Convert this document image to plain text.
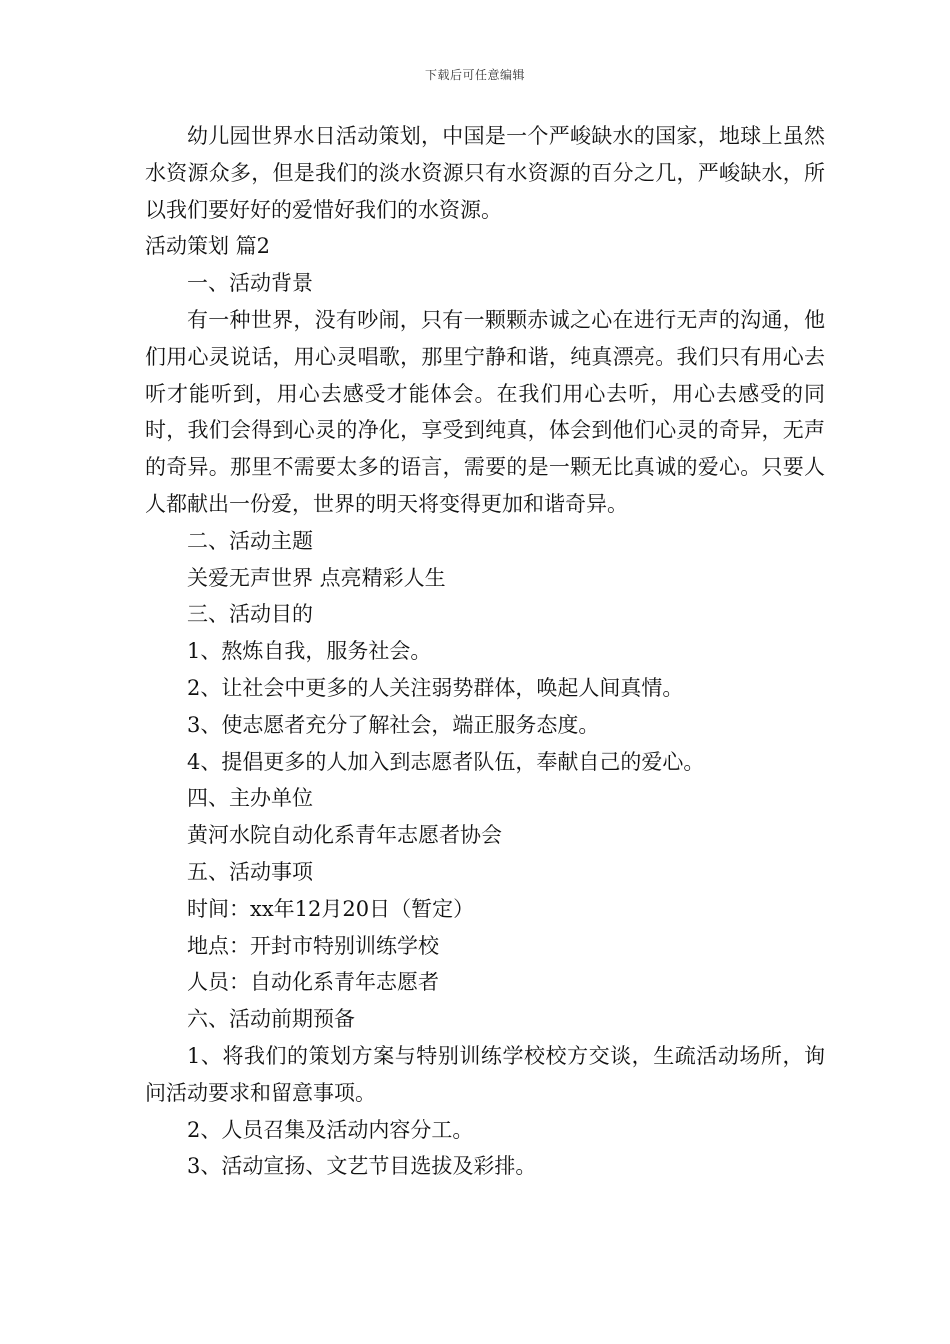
下载后可任意编辑

幼儿园世界水日活动策划，中国是一个严峻缺水的国家，地球上虽然水资源众多，但是我们的淡水资源只有水资源的百分之几，严峻缺水，所以我们要好好的爱惜好我们的水资源。

活动策划 篇2

一、活动背景

有一种世界，没有吵闹，只有一颗颗赤诚之心在进行无声的沟通，他们用心灵说话，用心灵唱歌，那里宁静和谐，纯真漂亮。我们只有用心去听才能听到，用心去感受才能体会。在我们用心去听，用心去感受的同时，我们会得到心灵的净化，享受到纯真，体会到他们心灵的奇异，无声的奇异。那里不需要太多的语言，需要的是一颗无比真诚的爱心。只要人人都献出一份爱，世界的明天将变得更加和谐奇异。

二、活动主题

关爱无声世界 点亮精彩人生

三、活动目的

1、熬炼自我，服务社会。

2、让社会中更多的人关注弱势群体，唤起人间真情。

3、使志愿者充分了解社会，端正服务态度。

4、提倡更多的人加入到志愿者队伍，奉献自己的爱心。

四、主办单位

黄河水院自动化系青年志愿者协会

五、活动事项

时间：xx年12月20日（暂定）

地点：开封市特别训练学校

人员：自动化系青年志愿者

六、活动前期预备

1、将我们的策划方案与特别训练学校校方交谈，生疏活动场所，询问活动要求和留意事项。

2、人员召集及活动内容分工。

3、活动宣扬、文艺节目选拔及彩排。
